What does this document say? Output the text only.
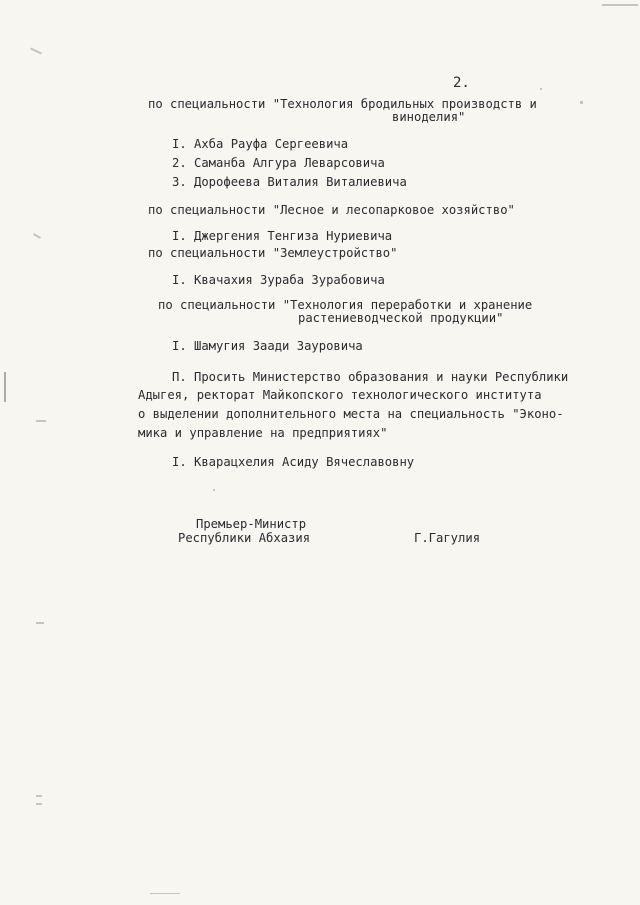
2.
по специальности "Технология бродильных производств и
виноделия"
I. Ахба Рауфа Сергеевича
2. Саманба Алгура Леварсовича
3. Дорофеева Виталия Виталиевича
по специальности "Лесное и лесопарковое хозяйство"
I. Джергения Тенгиза Нуриевича
по специальности "Землеустройство"
I. Квачахия Зураба Зурабовича
по специальности "Технология переработки и хранение
растениеводческой продукции"
I. Шамугия Заади Зауровича
П. Просить Министерство образования и науки Республики
Адыгея, ректорат Майкопского технологического института
о выделении дополнительного места на специальность "Эконо-
мика и управление на предприятиях"
I. Кварацхелия Асиду Вячеславовну
Премьер-Министр
Республики Абхазия	Г.Гагулия
